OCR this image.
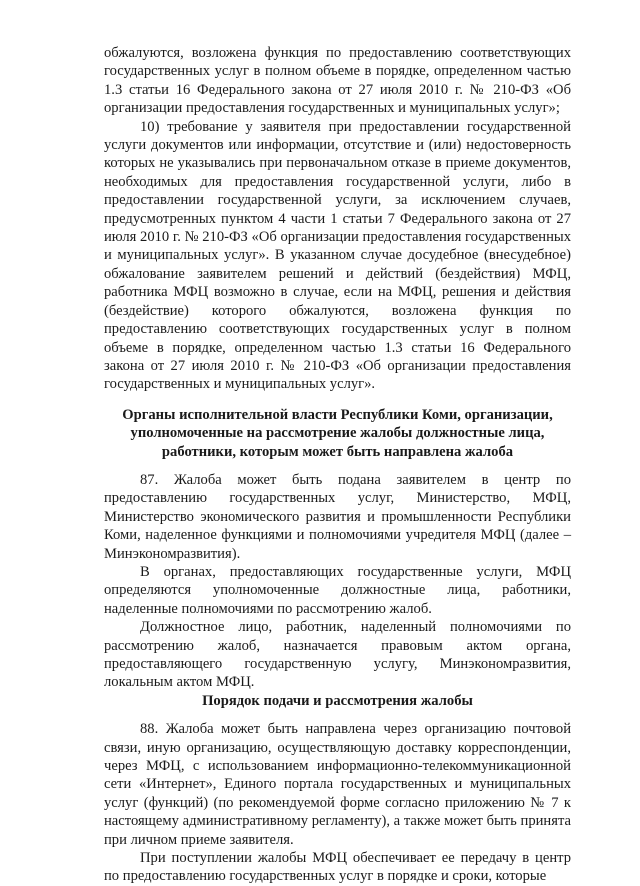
обжалуются, возложена функция по предоставлению соответствующих государственных услуг в полном объеме в порядке, определенном частью 1.3 статьи 16 Федерального закона от 27 июля 2010 г. № 210-ФЗ «Об организации предоставления государственных и муниципальных услуг»;

10) требование у заявителя при предоставлении государственной услуги документов или информации, отсутствие и (или) недостоверность которых не указывались при первоначальном отказе в приеме документов, необходимых для предоставления государственной услуги, либо в предоставлении государственной услуги, за исключением случаев, предусмотренных пунктом 4 части 1 статьи 7 Федерального закона от 27 июля 2010 г. № 210-ФЗ «Об организации предоставления государственных и муниципальных услуг». В указанном случае досудебное (внесудебное) обжалование заявителем решений и действий (бездействия) МФЦ, работника МФЦ возможно в случае, если на МФЦ, решения и действия (бездействие) которого обжалуются, возложена функция по предоставлению соответствующих государственных услуг в полном объеме в порядке, определенном частью 1.3 статьи 16 Федерального закона от 27 июля 2010 г. № 210-ФЗ «Об организации предоставления государственных и муниципальных услуг».

Органы исполнительной власти Республики Коми, организации, уполномоченные на рассмотрение жалобы должностные лица, работники, которым может быть направлена жалоба

87. Жалоба может быть подана заявителем в центр по предоставлению государственных услуг, Министерство, МФЦ, Министерство экономического развития и промышленности Республики Коми, наделенное функциями и полномочиями учредителя МФЦ (далее – Минэкономразвития).

В органах, предоставляющих государственные услуги, МФЦ определяются уполномоченные должностные лица, работники, наделенные полномочиями по рассмотрению жалоб.

Должностное лицо, работник, наделенный полномочиями по рассмотрению жалоб, назначается правовым актом органа, предоставляющего государственную услугу, Минэкономразвития, локальным актом МФЦ.

Порядок подачи и рассмотрения жалобы

88. Жалоба может быть направлена через организацию почтовой связи, иную организацию, осуществляющую доставку корреспонденции, через МФЦ, с использованием информационно-телекоммуникационной сети «Интернет», Единого портала государственных и муниципальных услуг (функций) (по рекомендуемой форме согласно приложению № 7 к настоящему административному регламенту), а также может быть принята при личном приеме заявителя.

При поступлении жалобы МФЦ обеспечивает ее передачу в центр по предоставлению государственных услуг в порядке и сроки, которые
